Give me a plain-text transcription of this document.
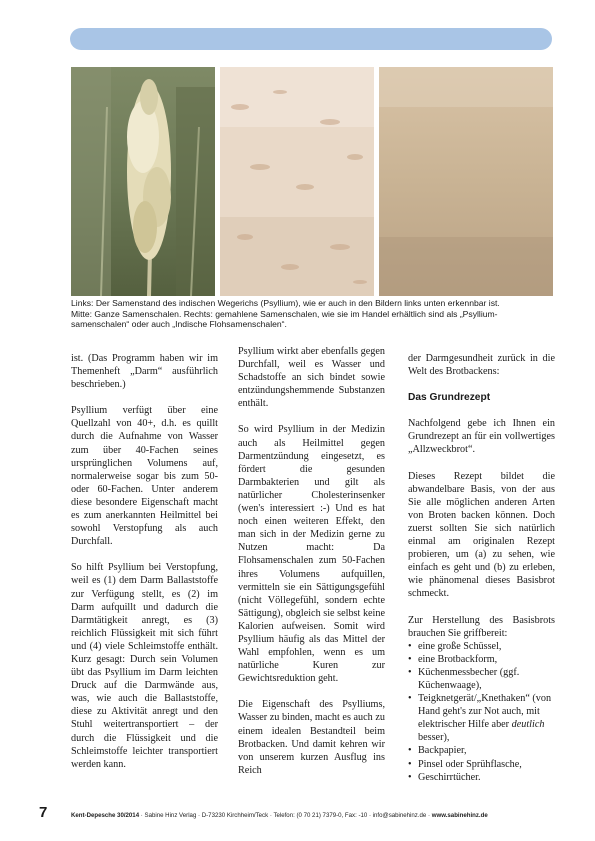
Links: Der Samenstand des indischen Wegerichs (Psyllium), wie er auch in den Bildern links unten erkennbar ist.
Mitte: Ganze Samenschalen. Rechts: gemahlene Samenschalen, wie sie im Handel erhältlich sind als „Psyllium-
samenschalen“ oder auch „Indische Flohsamenschalen“.

ist. (Das Programm haben wir im Themenheft „Darm“ ausführlich beschrieben.)

Psyllium verfügt über eine Quellzahl von 40+, d.h. es quillt durch die Aufnahme von Wasser zum über 40-Fachen seines ursprünglichen Volumens auf, normalerweise sogar bis zum 50- oder 60-Fachen. Unter anderem diese besondere Eigenschaft macht es zum anerkannten Heilmittel bei sowohl Verstopfung als auch Durchfall.

So hilft Psyllium bei Verstopfung, weil es (1) dem Darm Ballaststoffe zur Verfügung stellt, es (2) im Darm aufquillt und dadurch die Darmtätigkeit anregt, es (3) reichlich Flüssigkeit mit sich führt und (4) viele Schleimstoffe enthält. Kurz gesagt: Durch sein Volumen übt das Psyllium im Darm leichten Druck auf die Darmwände aus, was, wie auch die Ballaststoffe, diese zu Aktivität anregt und den Stuhl weitertransportiert – der durch die Flüssigkeit und die Schleimstoffe leichter transportiert werden kann.

Psyllium wirkt aber ebenfalls gegen Durchfall, weil es Wasser und Schadstoffe an sich bindet sowie entzündungshemmende Substanzen enthält.

So wird Psyllium in der Medizin auch als Heilmittel gegen Darmentzündung eingesetzt, es fördert die gesunden Darmbakterien und gilt als natürlicher Cholesterinsenker (wen's interessiert :-) Und es hat noch einen weiteren Effekt, den man sich in der Medizin gerne zu Nutzen macht: Da Flohsamenschalen zum 50-Fachen ihres Volumens aufquillen, vermitteln sie ein Sättigungsgefühl (nicht Völlegefühl, sondern echte Sättigung), obgleich sie selbst keine Kalorien aufweisen. Somit wird Psyllium häufig als das Mittel der Wahl empfohlen, wenn es um natürliche Kuren zur Gewichtsreduktion geht.

Die Eigenschaft des Psylliums, Wasser zu binden, macht es auch zu einem idealen Bestandteil beim Brotbacken. Und damit kehren wir von unserem kurzen Ausflug ins Reich

der Darmgesundheit zurück in die Welt des Brotbackens:

Das Grundrezept

Nachfolgend gebe ich Ihnen ein Grundrezept an für ein vollwertiges „Allzweckbrot“.

Dieses Rezept bildet die abwandelbare Basis, von der aus Sie alle möglichen anderen Arten von Broten backen können. Doch zuerst sollten Sie sich natürlich einmal am originalen Rezept probieren, um (a) zu sehen, wie einfach es geht und (b) zu erleben, wie phänomenal dieses Basisbrot schmeckt.

Zur Herstellung des Basisbrots brauchen Sie griffbereit:

• eine große Schüssel,
• eine Brotbackform,
• Küchenmessbecher (ggf. Küchenwaage),
• Teigknetgerät/„Knethaken“ (von Hand geht's zur Not auch, mit elektrischer Hilfe aber deutlich besser),
• Backpapier,
• Pinsel oder Sprühflasche,
• Geschirrtücher.
7	Kent-Depesche 30/2014 · Sabine Hinz Verlag · D-73230 Kirchheim/Teck · Telefon: (0 70 21) 7379-0, Fax: -10 · info@sabinehinz.de · www.sabinehinz.de
